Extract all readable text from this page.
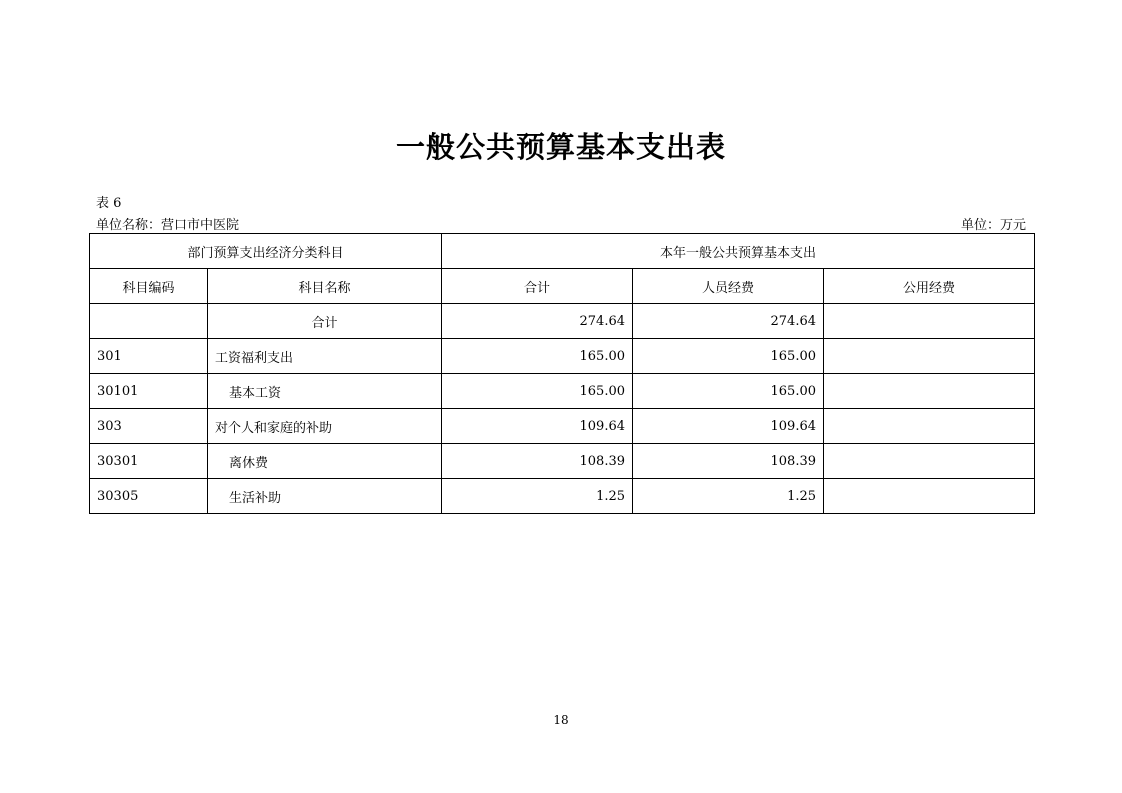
一般公共预算基本支出表
表 6
单位名称：营口市中医院	单位：万元
部门预算支出经济分类科目		本年一般公共预算基本支出		
科目编码	科目名称	合计	人员经费	公用经费
	合计	274.64	274.64	
301	工资福利支出	165.00	165.00	
30101	基本工资	165.00	165.00	
303	对个人和家庭的补助	109.64	109.64	
30301	离休费	108.39	108.39	
30305	生活补助	1.25	1.25	
18
